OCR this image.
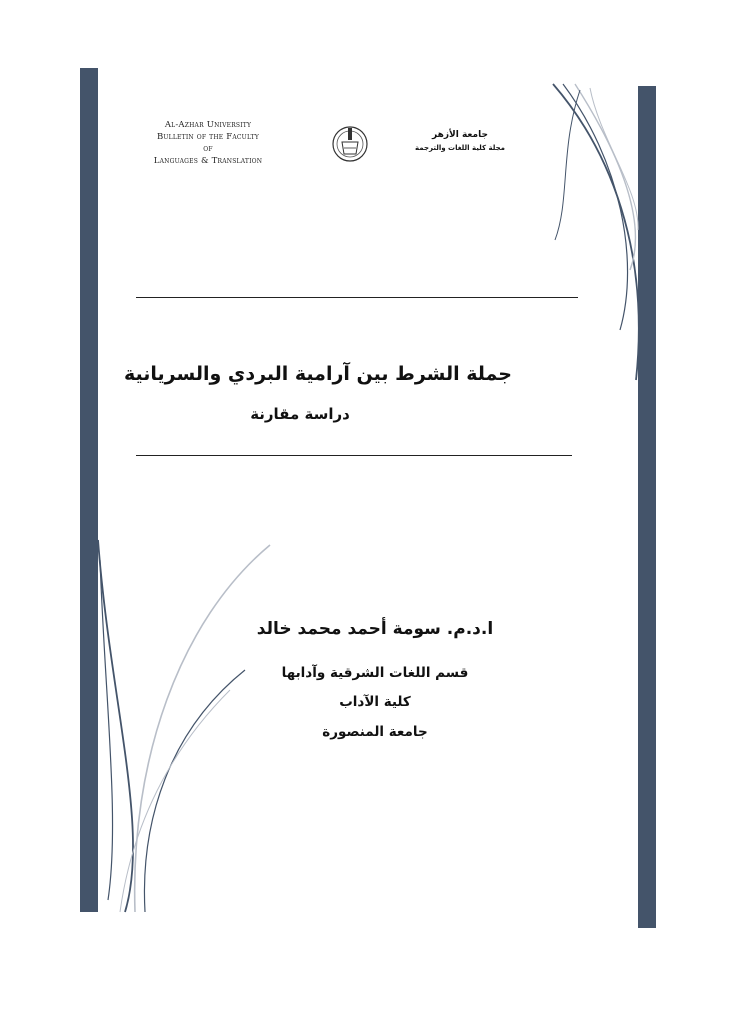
Al-Azhar University
Bulletin of the Faculty
of
Languages & Translation
جامعة الأزهر
مجلة كلية اللغات والترجمة
جملة الشرط بين آرامية البردي والسريانية
دراسة مقارنة
ا.د.م. سومة أحمد محمد خالد
قسم اللغات الشرقية وآدابها
كلية الآداب
جامعة المنصورة
